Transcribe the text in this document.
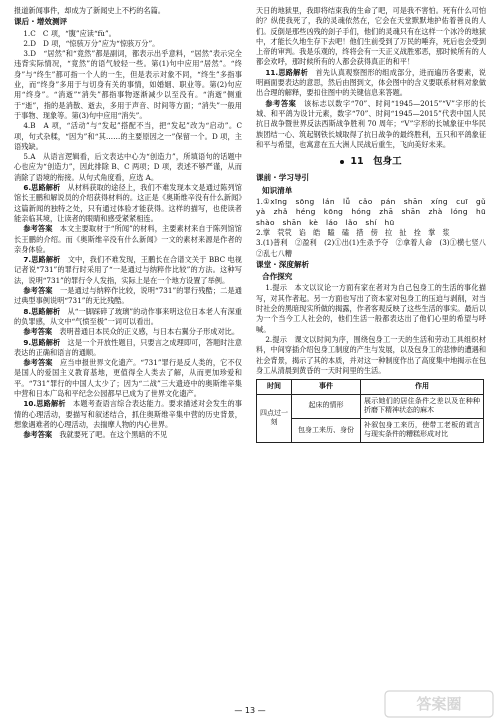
报道新闻事件，却成为了新闻史上不朽的名篇。

课后・增效测评

1.C　C 项，“腹”应读“fù”。

2.D　D 项，“惊骇万分”应为“惊骇万分”。

3.D　“居然”和“竟然”都是副词，都表示出乎意料，“居然”表示完全违背实际情况，“竟然”的语气较轻一些。第(1)句中应用“居然”。“终身”与“终生”都可指一个人的一生，但是表示对象不同，“终生”多指事业，而“终身”多用于与切身有关的事情，如婚姻、职业等。第(2)句应用“终身”。“消逝”“消失”都指事物逐渐减少以至没有。“消逝”侧重于“逝”，指的是消散、逝去，多用于声音、时间等方面；“消失”一般用于事物、现象等。第(3)句中应用“消失”。

4.B　A 项，“活动”与“发起”搭配不当，把“发起”改为“启动”。C 项，句式杂糅，“因为”和“其……的主要原因之一”保留一个。D 项，主语残缺。

5.A　从语言逻辑看，后文表达中心为“创造力”，所填语句的话题中心也应为“创造力”，因此排除 B、C 两项；D 项，表述不够严谨，从而消除了语境的衔接。从句式角度看，应选 A。

6.思路解析　 从材料获取的途径上，我们不难发现本文是通过陈列馆馆长王鹏和解说员的介绍获得材料的。这正是《奥斯维辛没有什么新闻》这篇新闻的独特之处，只有通过体验才能获得。这样的描写，也使读者能亲临其境，让读者的眼睛和感受紧紧相连。

参考答案　 本文主要取材于“所闻”的材料，主要素材来自于陈列馆馆长王鹏的介绍。而《奥斯维辛没有什么新闻》一文的素材来源是作者的亲身体验。

7.思路解析　 文中，我们不难发现，王鹏长在合谱文关于 BBC 电视记者说“731”的罪行时采用了“一是通过与纳粹作比较”的方法。这种写法，说明“731”的罪行令人发指，实际上是在一个地方设置了举例。

参考答案　 一是通过与纳粹作比较，说明“731”的罪行残酷；二是通过典型事例说明“731”的无比残酷。

8.思路解析　 从“一脚踩碎了玻璃”的动作事来明这位日本老人有深重的负罪感，从文中“气愤至极”一词可以看出。

参考答案　 表明普通日本民众的正义感，与日本右翼分子形成对比。

9.思路解析　 这是一个开放性题目，只要言之成理即可，答题时注意表达的正确和语言的通顺。

参考答案　 应当申报世界文化遗产。“731”罪行是反人类的，它不仅是国人的爱国主义教育基地，更值得全人类去了解，从而更加珍爱和平。“731”罪行的中国人太少了；因为“二战”三大遗迹中的奥斯维辛集中营和日本广岛和平纪念公园都早已成为了世界文化遗产。

10.思路解析　 本题考查语言综合表达能力。要求描述对会发生的事情的心理活动，要描写和叙述结合，抓住奥斯维辛集中营的历史背景，想象遇难者的心理活动，去揣摩人物的内心世界。

参考答案　 我就要死了吧。在这个黑暗的不见

天日的地狱里，我即将结束我的生命了吧，可是我不害怕。死有什么可怕的？纵使我死了，我的灵魂依然在，它会在天堂默默地护佑着善良的人们。反倒是那些凶残的刽子手们，他们的灵魂只有在这样一个冰冷的地狱中，才能长久地生存下去吧！他们生前受到了万民的唾弃，死后也会受到上帝的审判。我是乐观的，终将会有一天正义战胜邪恶，那时候所有的人都会欢呼，那时候所有的人都会获得真正的和平！

11.思路解析　 首先认真观察图形的组成部分，进而遍历各要素，说明画面要表达的意思，然后由图到文，体会图中的含义要联系材料对象做出合理的解释，要扣住图中的关键信息来答题。

参考答案　 该标志以数字“70”、时间“1945—2015”“V”字形的长城、和平鸽为设计元素，数字“70”、时间“1945—2015”代表中国人民抗日战争暨世界反法西斯战争胜利 70 周年；“V”字形的长城象征中华民族团结一心、筑起钢铁长城取得了抗日战争的最终胜利，五只和平鸽象征和平与希望，也寓意在五大洲人民战后重生，飞向美好未来。

11　包身工
课前・学习导引
知识清单

1.①xīng　sōng　lán　lǚ　cǎo　pán　shān　xíng　cuī　gǔ　yà　zhǎ　héng　kōng　hóng　zhā　shān　zhà　lóng　hū　shào　shān　kè　láo　lǎo　shí　hū

2.掌　茕茕　谄　皓　瞌　磕　措　傍　拉　扯　拴　掌　浆

3.(1)普利　②盈利　(2)①出(1)生杀予夺　②拿着人命　(3)①横七竖八　②乱七八糟

课堂・深度解析
合作探究

1.提示　本文以议论一方面有家在者对为自己包身工的生活的事化描写，对其作者起。另一方面也写出了资本家对包身工的压迫与剥削，对当时社会的黑暗现实所做的揭露，作者客观反映了这些生活的事实。最后以为一个当今工人社会的，他们生活一般都表达出了他们心里的希望与呼喊。

2.提示　课文以时间为序，围绕包身工一天的生活和劳动工具组织材料，中间穿插介绍包身工制度的产生与发展，以及包身工的悲惨的遭遇和社会背景，揭示了其的本质，并对这一种制度作出了高度集中地揭示在包身工从清晨到黄昏的一天时间里的生活。

时间	事件	作用
四点过一刻	起床的情形	展示她们的居住条件之差以及在种种折磨下精神状态的麻木
	包身工来历、身份	补叙包身工来历，使带工老板的谎言与现实条件的糟糕形成对比
— 13 —	答案圈
